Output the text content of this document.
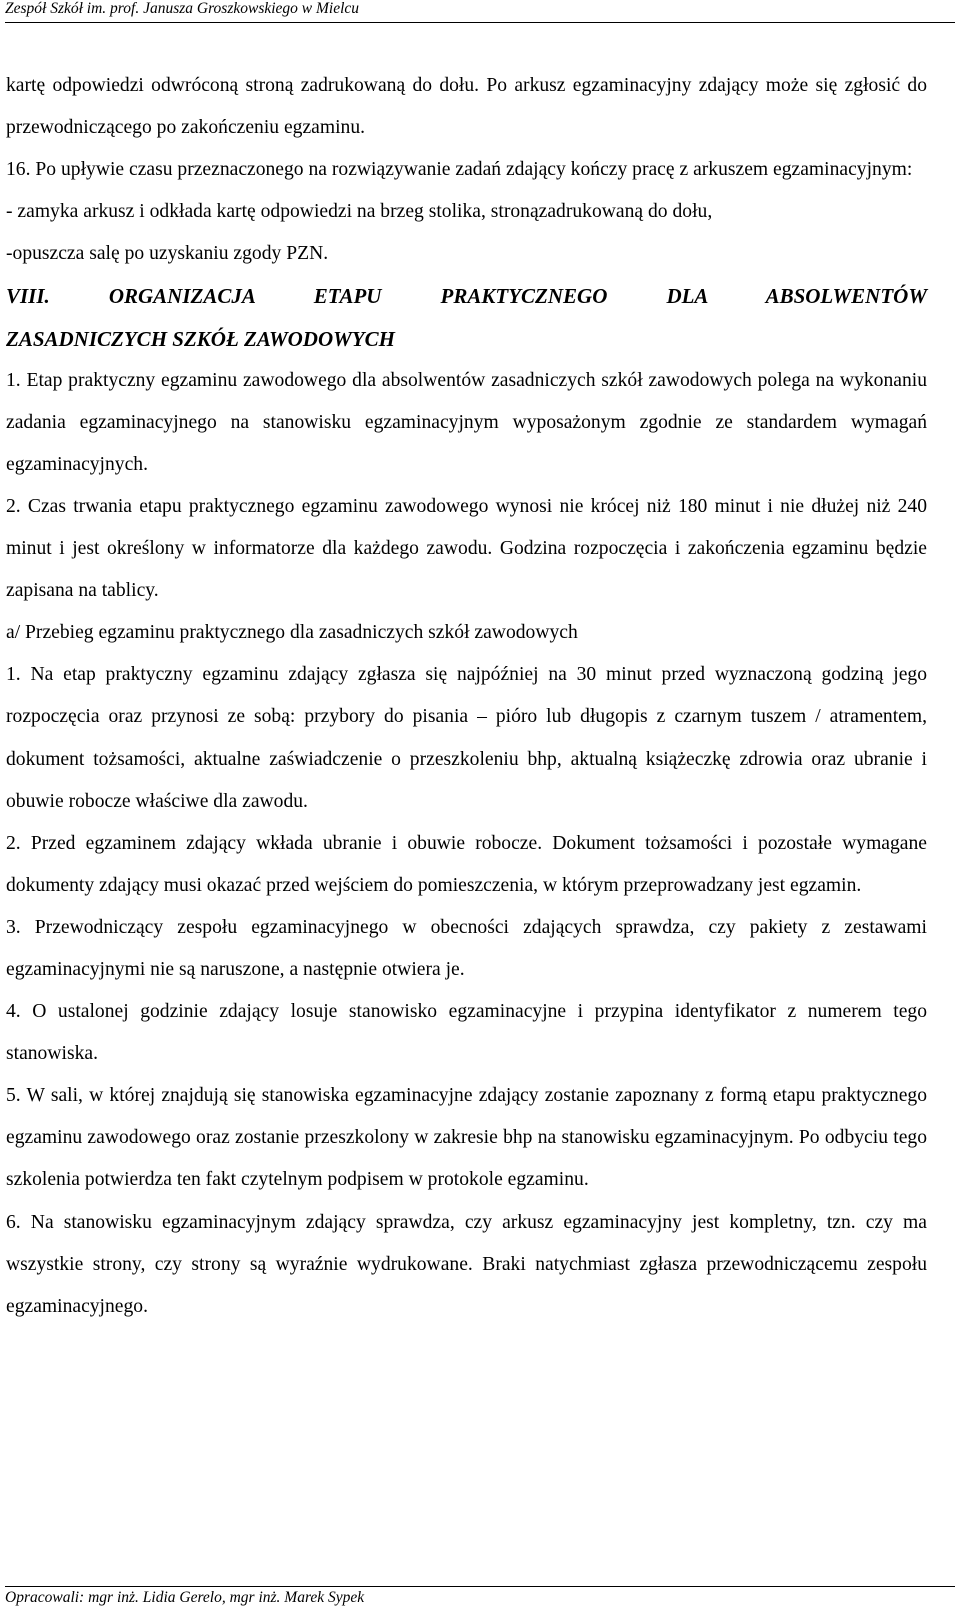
Zespół Szkół im. prof. Janusza Groszkowskiego w Mielcu

kartę odpowiedzi odwróconą stroną zadrukowaną do dołu. Po arkusz egzaminacyjny zdający może się zgłosić do przewodniczącego po zakończeniu egzaminu.

16. Po upływie czasu przeznaczonego na rozwiązywanie zadań zdający kończy pracę z arkuszem egzaminacyjnym:

- zamyka arkusz i odkłada kartę odpowiedzi na brzeg stolika, stronązadrukowaną do dołu,

-opuszcza salę po uzyskaniu zgody PZN.

VIII. ORGANIZACJA ETAPU PRAKTYCZNEGO DLA ABSOLWENTÓW
ZASADNICZYCH SZKÓŁ ZAWODOWYCH

1. Etap praktyczny egzaminu zawodowego dla absolwentów zasadniczych szkół zawodowych polega na wykonaniu zadania egzaminacyjnego na stanowisku egzaminacyjnym wyposażonym zgodnie ze standardem wymagań egzaminacyjnych.

2. Czas trwania etapu praktycznego egzaminu zawodowego wynosi nie krócej niż 180 minut i nie dłużej niż 240 minut i jest określony w informatorze dla każdego zawodu. Godzina rozpoczęcia i zakończenia egzaminu będzie zapisana na tablicy.

a/ Przebieg egzaminu praktycznego dla zasadniczych szkół zawodowych

1. Na etap praktyczny egzaminu zdający zgłasza się najpóźniej na 30 minut przed wyznaczoną godziną jego rozpoczęcia oraz przynosi ze sobą: przybory do pisania – pióro lub długopis z czarnym tuszem / atramentem, dokument tożsamości, aktualne zaświadczenie o przeszkoleniu bhp, aktualną książeczkę zdrowia oraz ubranie i obuwie robocze właściwe dla zawodu.

2. Przed egzaminem zdający wkłada ubranie i obuwie robocze. Dokument tożsamości i pozostałe wymagane dokumenty zdający musi okazać przed wejściem do pomieszczenia, w którym przeprowadzany jest egzamin.

3. Przewodniczący zespołu egzaminacyjnego w obecności zdających sprawdza, czy pakiety z zestawami egzaminacyjnymi nie są naruszone, a następnie otwiera je.

4. O ustalonej godzinie zdający losuje stanowisko egzaminacyjne i przypina identyfikator z numerem tego stanowiska.

5. W sali, w której znajdują się stanowiska egzaminacyjne zdający zostanie zapoznany z formą etapu praktycznego egzaminu zawodowego oraz zostanie przeszkolony w zakresie bhp na stanowisku egzaminacyjnym. Po odbyciu tego szkolenia potwierdza ten fakt czytelnym podpisem w protokole egzaminu.

6. Na stanowisku egzaminacyjnym zdający sprawdza, czy arkusz egzaminacyjny jest kompletny, tzn. czy ma wszystkie strony, czy strony są wyraźnie wydrukowane. Braki natychmiast zgłasza przewodniczącemu zespołu egzaminacyjnego.

Opracowali: mgr inż. Lidia Gerelo, mgr inż. Marek Sypek
